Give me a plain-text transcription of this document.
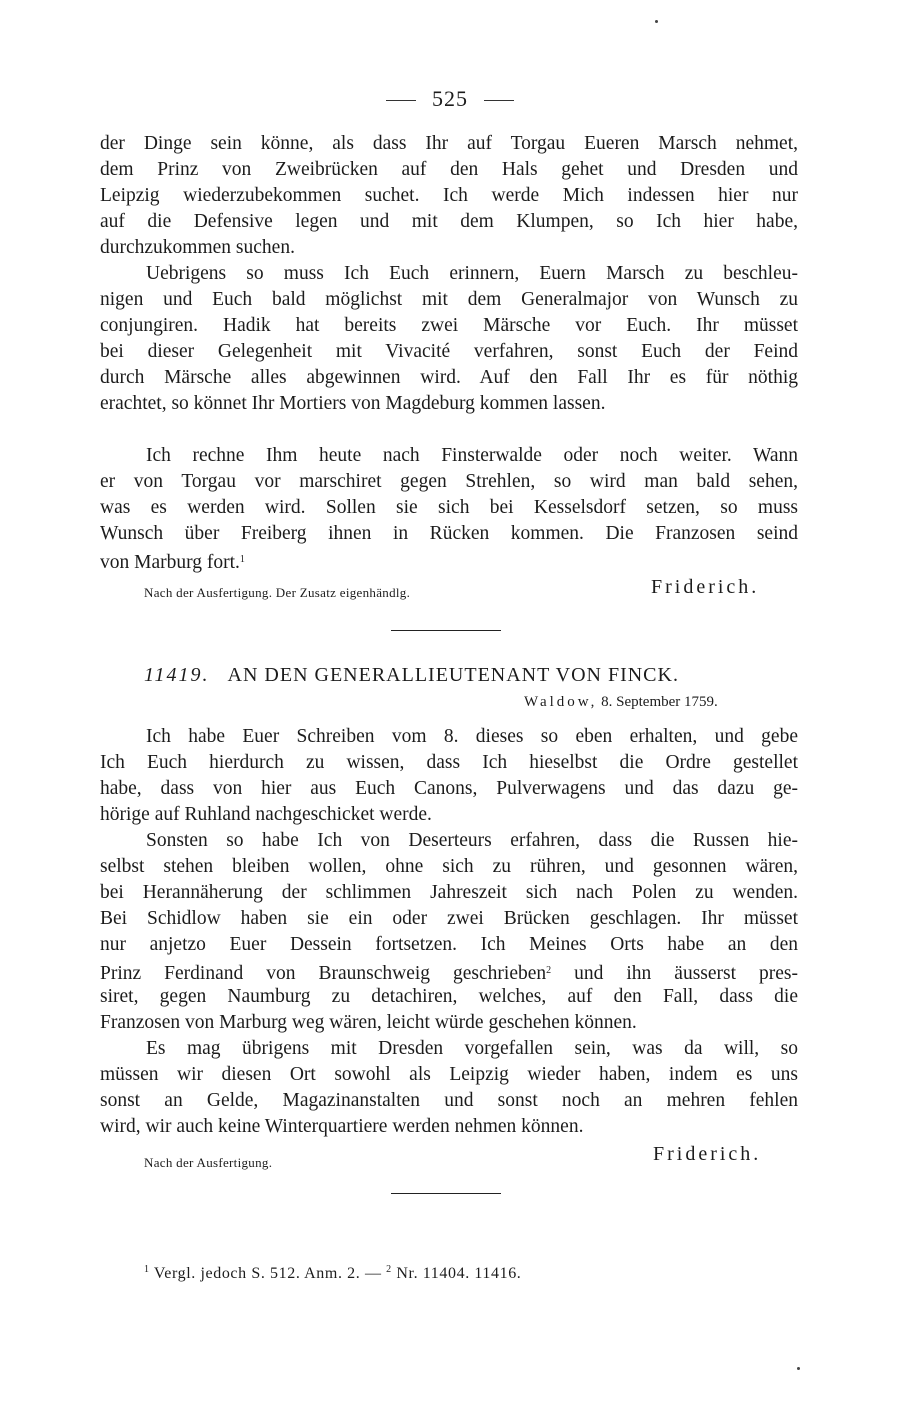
525
der Dinge sein könne, als dass Ihr auf Torgau Eueren Marsch nehmet,
dem Prinz von Zweibrücken auf den Hals gehet und Dresden und
Leipzig wiederzubekommen suchet. Ich werde Mich indessen hier nur
auf die Defensive legen und mit dem Klumpen, so Ich hier habe,
durchzukommen suchen.
Uebrigens so muss Ich Euch erinnern, Euern Marsch zu beschleu-
nigen und Euch bald möglichst mit dem Generalmajor von Wunsch zu
conjungiren. Hadik hat bereits zwei Märsche vor Euch. Ihr müsset
bei dieser Gelegenheit mit Vivacité verfahren, sonst Euch der Feind
durch Märsche alles abgewinnen wird. Auf den Fall Ihr es für nöthig
erachtet, so könnet Ihr Mortiers von Magdeburg kommen lassen.
Ich rechne Ihm heute nach Finsterwalde oder noch weiter. Wann
er von Torgau vor marschiret gegen Strehlen, so wird man bald sehen,
was es werden wird. Sollen sie sich bei Kesselsdorf setzen, so muss
Wunsch über Freiberg ihnen in Rücken kommen. Die Franzosen seind
von Marburg fort.$^1$
Nach der Ausfertigung. Der Zusatz eigenhändlg.	Friderich.
11419. AN DEN GENERALLIEUTENANT VON FINCK.
Waldow, 8. September 1759.
Ich habe Euer Schreiben vom 8. dieses so eben erhalten, und gebe
Ich Euch hierdurch zu wissen, dass Ich hieselbst die Ordre gestellet
habe, dass von hier aus Euch Canons, Pulverwagens und das dazu ge-
hörige auf Ruhland nachgeschicket werde.
Sonsten so habe Ich von Deserteurs erfahren, dass die Russen hie-
selbst stehen bleiben wollen, ohne sich zu rühren, und gesonnen wären,
bei Herannäherung der schlimmen Jahreszeit sich nach Polen zu wenden.
Bei Schidlow haben sie ein oder zwei Brücken geschlagen. Ihr müsset
nur anjetzo Euer Dessein fortsetzen. Ich Meines Orts habe an den
Prinz Ferdinand von Braunschweig geschrieben$^2$ und ihn äusserst pres-
siret, gegen Naumburg zu detachiren, welches, auf den Fall, dass die
Franzosen von Marburg weg wären, leicht würde geschehen können.
Es mag übrigens mit Dresden vorgefallen sein, was da will, so
müssen wir diesen Ort sowohl als Leipzig wieder haben, indem es uns
sonst an Gelde, Magazinanstalten und sonst noch an mehren fehlen
wird, wir auch keine Winterquartiere werden nehmen können.
Nach der Ausfertigung.	Friderich.
$^1$ Vergl. jedoch S. 512. Anm. 2. — $^2$ Nr. 11404. 11416.
